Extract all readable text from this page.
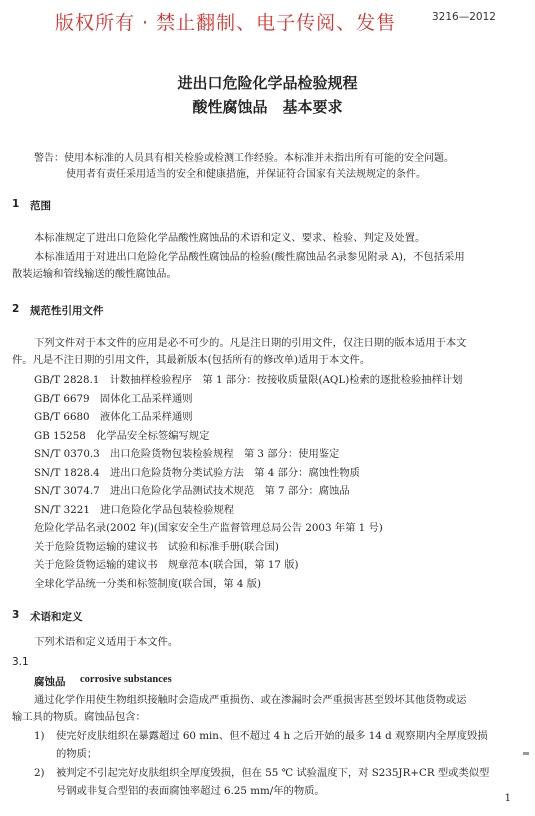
版权所有 · 禁止翻制、电子传阅、发售	3216—2012
进出口危险化学品检验规程
酸性腐蚀品　基本要求
警告：使用本标准的人员具有相关检验或检测工作经验。本标准并未指出所有可能的安全问题。
使用者有责任采用适当的安全和健康措施，并保证符合国家有关法规规定的条件。
1 范围
本标准规定了进出口危险化学品酸性腐蚀品的术语和定义、要求、检验、判定及处置。
本标准适用于对进出口危险化学品酸性腐蚀品的检验(酸性腐蚀品名录参见附录 A)，不包括采用
散装运输和管线输送的酸性腐蚀品。
2 规范性引用文件
下列文件对于本文件的应用是必不可少的。凡是注日期的引用文件，仅注日期的版本适用于本文
件。凡是不注日期的引用文件，其最新版本(包括所有的修改单)适用于本文件。
GB/T 2828.1　计数抽样检验程序　第 1 部分：按接收质量限(AQL)检索的逐批检验抽样计划
GB/T 6679　固体化工品采样通则
GB/T 6680　液体化工品采样通则
GB 15258　化学品安全标签编写规定
SN/T 0370.3　出口危险货物包装检验规程　第 3 部分：使用鉴定
SN/T 1828.4　进出口危险货物分类试验方法　第 4 部分：腐蚀性物质
SN/T 3074.7　进出口危险化学品测试技术规范　第 7 部分：腐蚀品
SN/T 3221　进口危险化学品包装检验规程
危险化学品名录(2002 年)(国家安全生产监督管理总局公告 2003 年第 1 号)
关于危险货物运输的建议书　试验和标准手册(联合国)
关于危险货物运输的建议书　规章范本(联合国，第 17 版)
全球化学品统一分类和标签制度(联合国，第 4 版)
3 术语和定义
下列术语和定义适用于本文件。
3.1
腐蚀品 corrosive substances
通过化学作用使生物组织接触时会造成严重损伤、或在渗漏时会严重损害甚至毁坏其他货物或运
输工具的物质。腐蚀品包含：
1) 使完好皮肤组织在暴露超过 60 min、但不超过 4 h 之后开始的最多 14 d 观察期内全厚度毁损
的物质；
2) 被判定不引起完好皮肤组织全厚度毁损，但在 55 ℃ 试验温度下，对 S235JR+CR 型或类似型
号钢或非复合型铝的表面腐蚀率超过 6.25 mm/年的物质。
1
